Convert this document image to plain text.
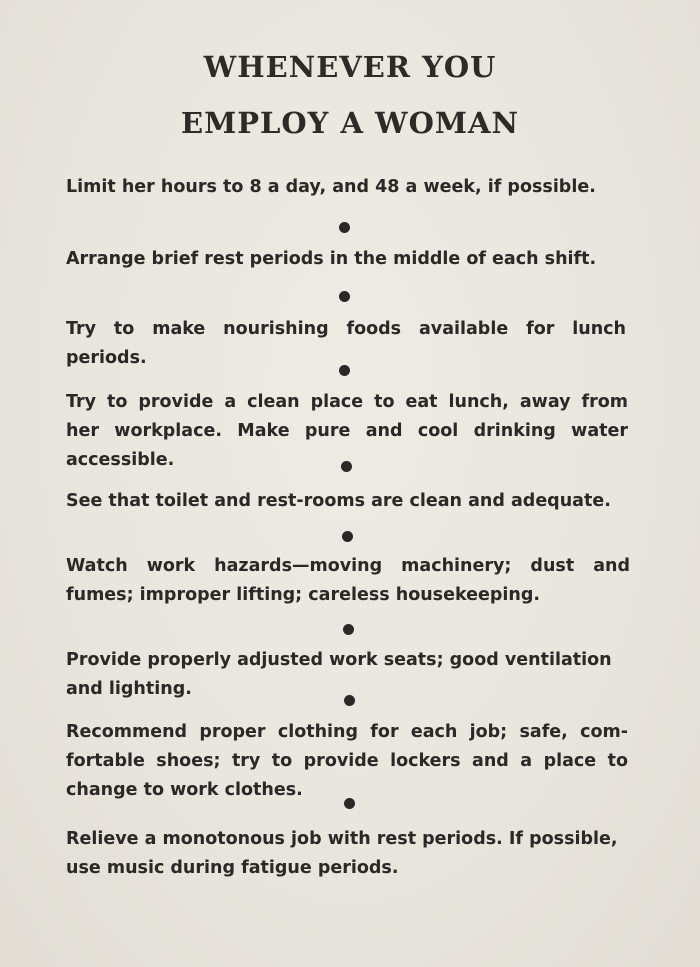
WHENEVER YOU
EMPLOY A WOMAN
Limit her hours to 8 a day, and 48 a week, if possible.
Arrange brief rest periods in the middle of each shift.
Try to make nourishing foods available for lunch
periods.
Try to provide a clean place to eat lunch, away from
her workplace. Make pure and cool drinking water
accessible.
See that toilet and rest-rooms are clean and adequate.
Watch work hazards—moving machinery; dust and
fumes; improper lifting; careless housekeeping.
Provide properly adjusted work seats; good ventilation
and lighting.
Recommend proper clothing for each job; safe, com-
fortable shoes; try to provide lockers and a place to
change to work clothes.
Relieve a monotonous job with rest periods. If possible,
use music during fatigue periods.
